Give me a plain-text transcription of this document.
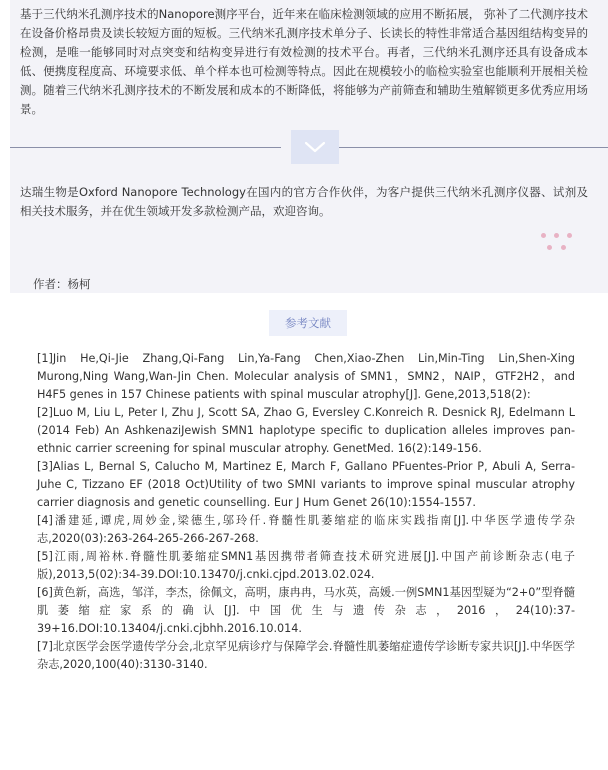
基于三代纳米孔测序技术的Nanopore测序平台，近年来在临床检测领域的应用不断拓展， 弥补了二代测序技术在设备价格昂贵及读长较短方面的短板。三代纳米孔测序技术单分子、长读长的特性非常适合基因组结构变异的检测，是唯一能够同时对点突变和结构变异进行有效检测的技术平台。再者，三代纳米孔测序还具有设备成本低、便携度程度高、环境要求低、单个样本也可检测等特点。因此在规模较小的临检实验室也能顺利开展相关检测。随着三代纳米孔测序技术的不断发展和成本的不断降低，将能够为产前筛查和辅助生殖解锁更多优秀应用场景。

达瑞生物是Oxford Nanopore Technology在国内的官方合作伙伴，为客户提供三代纳米孔测序仪器、试剂及相关技术服务，并在优生领域开发多款检测产品，欢迎咨询。

作者：杨柯

参考文献

[1]Jin He,Qi-Jie Zhang,Qi-Fang Lin,Ya-Fang Chen,Xiao-Zhen Lin,Min-Ting Lin,Shen-Xing Murong,Ning Wang,Wan-Jin Chen. Molecular analysis of SMN1，SMN2，NAIP，GTF2H2，and H4F5 genes in 157 Chinese patients with spinal muscular atrophy[J]. Gene,2013,518(2):

[2]Luo M, Liu L, Peter I, Zhu J, Scott SA, Zhao G, Eversley C.Konreich R. Desnick RJ, Edelmann L (2014 Feb) An AshkenaziJewish SMN1 haplotype specific to duplication alleles improves pan-ethnic carrier screening for spinal muscular atrophy. GenetMed. 16(2):149-156.

[3]Alias L, Bernal S, Calucho M, Martinez E, March F, Gallano PFuentes-Prior P, Abuli A, Serra-Juhe C, Tizzano EF (2018 Oct)Utility of two SMNI variants to improve spinal muscular atrophy carrier diagnosis and genetic counselling. Eur J Hum Genet 26(10):1554-1557.

[4]潘建延,谭虎,周妙金,梁德生,邬玲仟.脊髓性肌萎缩症的临床实践指南[J].中华医学遗传学杂志,2020(03):263-264-265-266-267-268.

[5]江雨,周裕林.脊髓性肌萎缩症SMN1基因携带者筛查技术研究进展[J].中国产前诊断杂志(电子版),2013,5(02):34-39.DOI:10.13470/j.cnki.cjpd.2013.02.024.

[6]黄色新，高选，邹洋，李杰，徐佩文，高明，康冉冉，马水英，高媛.一例SMN1基因型疑为“2+0”型脊髓肌萎缩症家系的确认[J].中国优生与遗传杂志，2016，24(10):37-39+16.DOI:10.13404/j.cnki.cjbhh.2016.10.014.

[7]北京医学会医学遗传学分会,北京罕见病诊疗与保障学会.脊髓性肌萎缩症遗传学诊断专家共识[J].中华医学杂志,2020,100(40):3130-3140.
